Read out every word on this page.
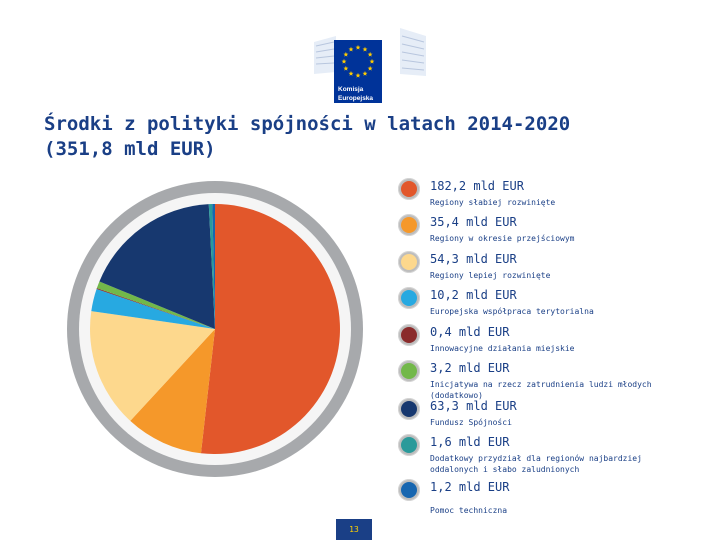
Komisja
Europejska
Środki z polityki spójności w latach 2014-2020
(351,8 mld EUR)
182,2 mld EUR
Regiony słabiej rozwinięte
35,4 mld EUR
Regiony w okresie przejściowym
54,3 mld EUR
Regiony lepiej rozwinięte
10,2 mld EUR
Europejska współpraca terytorialna
0,4 mld EUR
Innowacyjne działania miejskie
3,2 mld EUR
Inicjatywa na rzecz zatrudnienia ludzi młodych (dodatkowo)
63,3 mld EUR
Fundusz Spójności
1,6 mld EUR
Dodatkowy przydział dla regionów najbardziej oddalonych i słabo zaludnionych
1,2 mld EUR
Pomoc techniczna
13
